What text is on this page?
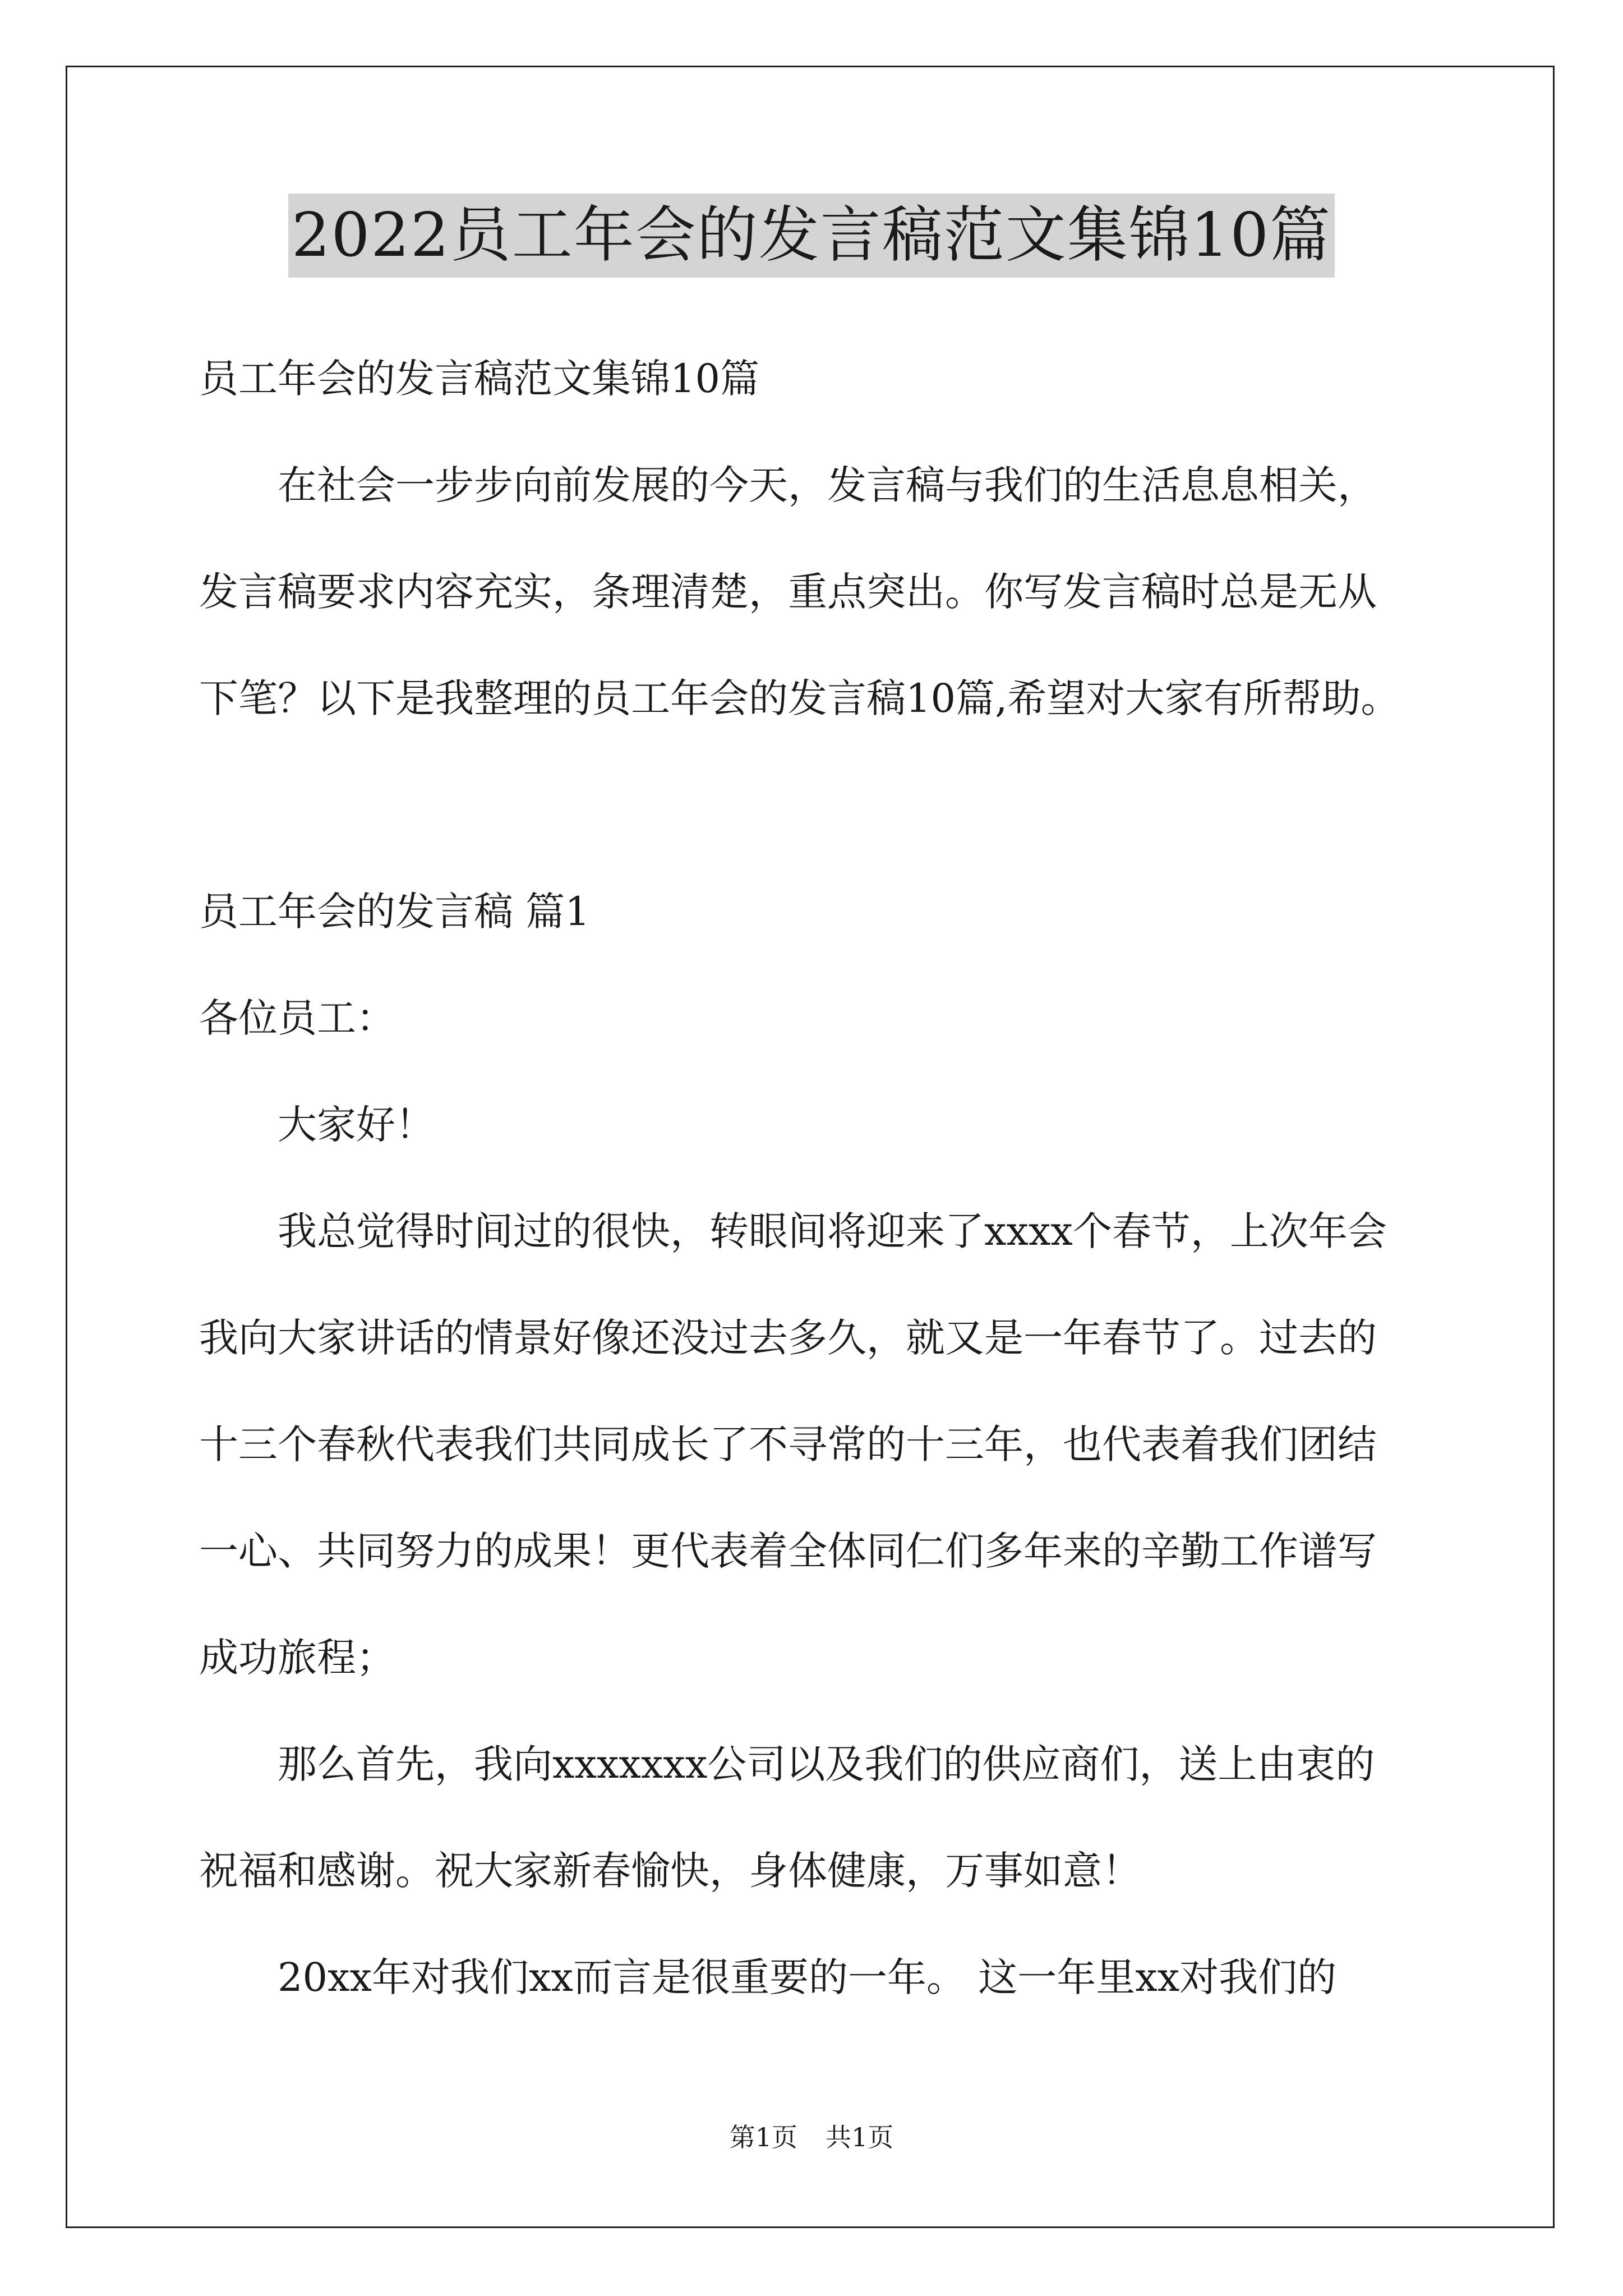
2022员工年会的发言稿范文集锦10篇
员工年会的发言稿范文集锦10篇
　　在社会一步步向前发展的今天，发言稿与我们的生活息息相关，
发言稿要求内容充实，条理清楚，重点突出。你写发言稿时总是无从
下笔？以下是我整理的员工年会的发言稿10篇,希望对大家有所帮助。
员工年会的发言稿 篇1
各位员工：
　　大家好！
　　我总觉得时间过的很快，转眼间将迎来了xxxx个春节，上次年会
我向大家讲话的情景好像还没过去多久，就又是一年春节了。过去的
十三个春秋代表我们共同成长了不寻常的十三年，也代表着我们团结
一心、共同努力的成果！更代表着全体同仁们多年来的辛勤工作谱写
成功旅程；
　　那么首先，我向xxxxxxx公司以及我们的供应商们，送上由衷的
祝福和感谢。祝大家新春愉快，身体健康，万事如意！
　　20xx年对我们xx而言是很重要的一年。 这一年里xx对我们的
第1页 共1页
